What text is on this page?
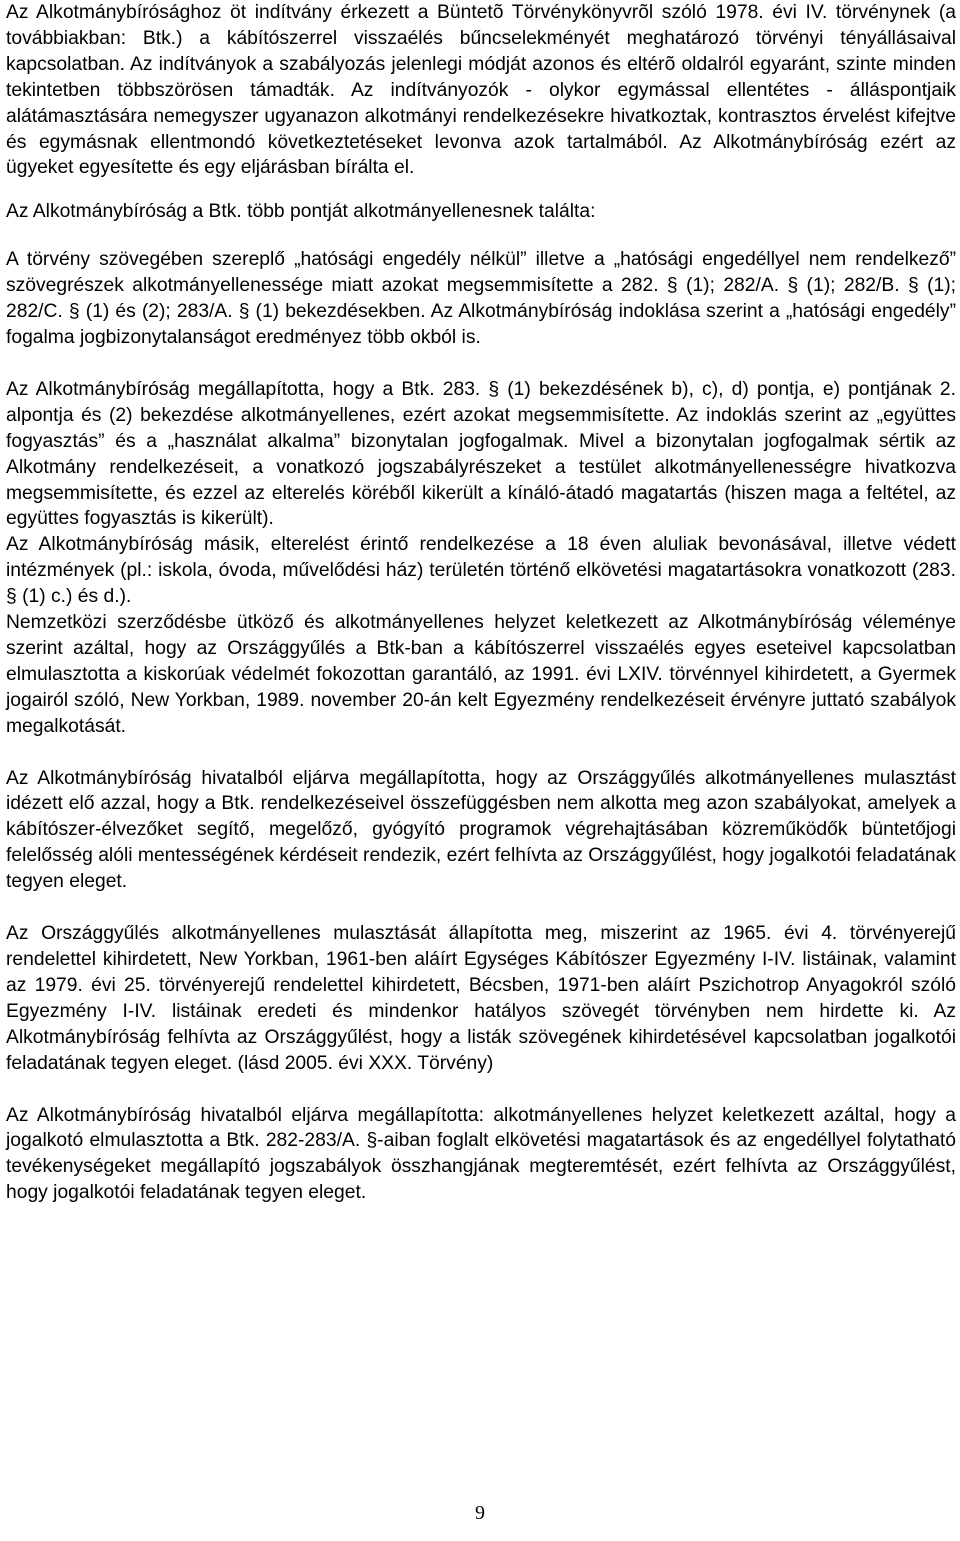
Az Alkotmánybírósághoz öt indítvány érkezett a Büntetõ Törvénykönyvrõl szóló 1978. évi IV. törvénynek (a továbbiakban: Btk.) a kábítószerrel visszaélés bűncselekményét meghatározó törvényi tényállásaival kapcsolatban. Az indítványok a szabályozás jelenlegi módját azonos és eltérõ oldalról egyaránt, szinte minden tekintetben többszörösen támadták. Az indítványozók - olykor egymással ellentétes - álláspontjaik alátámasztására nemegyszer ugyanazon alkotmányi rendelkezésekre hivatkoztak, kontrasztos érvelést kifejtve és egymásnak ellentmondó következtetéseket levonva azok tartalmából. Az Alkotmánybíróság ezért az ügyeket egyesítette és egy eljárásban bírálta el.

Az Alkotmánybíróság a Btk. több pontját alkotmányellenesnek találta:

A törvény szövegében szereplő „hatósági engedély nélkül” illetve a „hatósági engedéllyel nem rendelkező” szövegrészek alkotmányellenessége miatt azokat megsemmisítette a 282. § (1); 282/A. § (1); 282/B. § (1); 282/C. § (1) és (2); 283/A. § (1) bekezdésekben. Az Alkotmánybíróság indoklása szerint a „hatósági engedély” fogalma jogbizonytalanságot eredményez több okból is.

Az Alkotmánybíróság megállapította, hogy a Btk. 283. § (1) bekezdésének b), c), d) pontja, e) pontjának 2. alpontja és (2) bekezdése alkotmányellenes, ezért azokat megsemmisítette. Az indoklás szerint az „együttes fogyasztás” és a „használat alkalma” bizonytalan jogfogalmak. Mivel a bizonytalan jogfogalmak sértik az Alkotmány rendelkezéseit, a vonatkozó jogszabályrészeket a testület alkotmányellenességre hivatkozva megsemmisítette, és ezzel az elterelés köréből kikerült a kínáló-átadó magatartás (hiszen maga a feltétel, az együttes fogyasztás is kikerült).

Az Alkotmánybíróság másik, elterelést érintő rendelkezése a 18 éven aluliak bevonásával, illetve védett intézmények (pl.: iskola, óvoda, művelődési ház) területén történő elkövetési magatartásokra vonatkozott (283. § (1) c.) és d.).

Nemzetközi szerződésbe ütköző és alkotmányellenes helyzet keletkezett az Alkotmánybíróság véleménye szerint azáltal, hogy az Országgyűlés a Btk-ban a kábítószerrel visszaélés egyes eseteivel kapcsolatban elmulasztotta a kiskorúak védelmét fokozottan garantáló, az 1991. évi LXIV. törvénnyel kihirdetett, a Gyermek jogairól szóló, New Yorkban, 1989. november 20-án kelt Egyezmény rendelkezéseit érvényre juttató szabályok megalkotását.

Az Alkotmánybíróság hivatalból eljárva megállapította, hogy az Országgyűlés alkotmányellenes mulasztást idézett elő azzal, hogy a Btk. rendelkezéseivel összefüggésben nem alkotta meg azon szabályokat, amelyek a kábítószer-élvezőket segítő, megelőző, gyógyító programok végrehajtásában közreműködők büntetőjogi felelősség alóli mentességének kérdéseit rendezik, ezért felhívta az Országgyűlést, hogy jogalkotói feladatának tegyen eleget.

Az Országgyűlés alkotmányellenes mulasztását állapította meg, miszerint az 1965. évi 4. törvényerejű rendelettel kihirdetett, New Yorkban, 1961-ben aláírt Egységes Kábítószer Egyezmény I-IV. listáinak, valamint az 1979. évi 25. törvényerejű rendelettel kihirdetett, Bécsben, 1971-ben aláírt Pszichotrop Anyagokról szóló Egyezmény I-IV. listáinak eredeti és mindenkor hatályos szövegét törvényben nem hirdette ki. Az Alkotmánybíróság felhívta az Országgyűlést, hogy a listák szövegének kihirdetésével kapcsolatban jogalkotói feladatának tegyen eleget. (lásd 2005. évi XXX. Törvény)

Az Alkotmánybíróság hivatalból eljárva megállapította: alkotmányellenes helyzet keletkezett azáltal, hogy a jogalkotó elmulasztotta a Btk. 282-283/A. §-aiban foglalt elkövetési magatartások és az engedéllyel folytatható tevékenységeket megállapító jogszabályok összhangjának megteremtését, ezért felhívta az Országgyűlést, hogy jogalkotói feladatának tegyen eleget.

9
